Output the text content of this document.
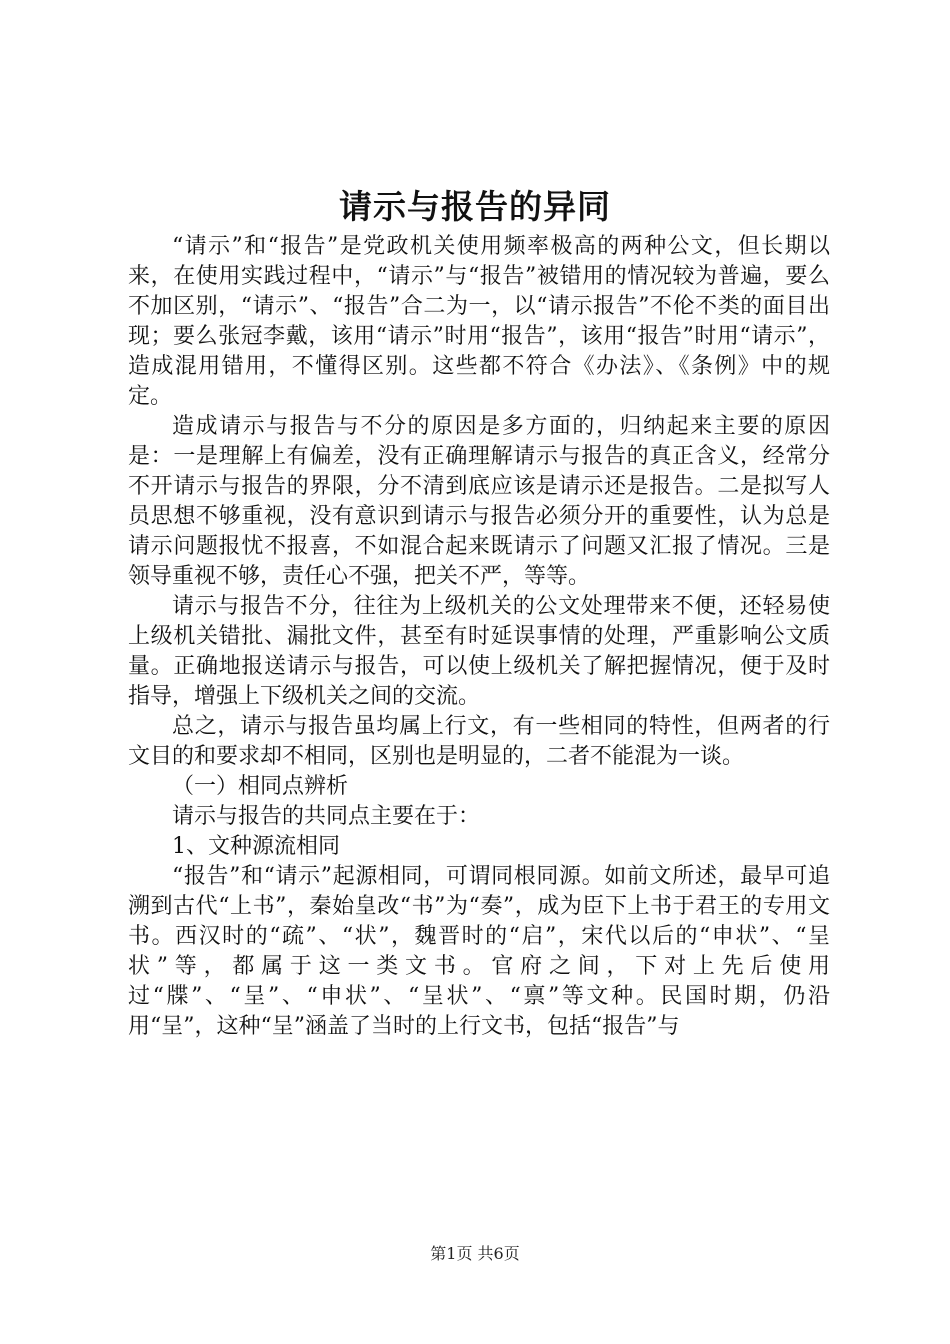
请示与报告的异同

“请示”和“报告”是党政机关使用频率极高的两种公文，但长期以来，在使用实践过程中，“请示”与“报告”被错用的情况较为普遍，要么不加区别，“请示”、“报告”合二为一，以“请示报告”不伦不类的面目出现；要么张冠李戴，该用“请示”时用“报告”，该用“报告”时用“请示”，造成混用错用，不懂得区别。这些都不符合《办法》、《条例》中的规定。

造成请示与报告与不分的原因是多方面的，归纳起来主要的原因是：一是理解上有偏差，没有正确理解请示与报告的真正含义，经常分不开请示与报告的界限，分不清到底应该是请示还是报告。二是拟写人员思想不够重视，没有意识到请示与报告必须分开的重要性，认为总是请示问题报忧不报喜，不如混合起来既请示了问题又汇报了情况。三是领导重视不够，责任心不强，把关不严，等等。

请示与报告不分，往往为上级机关的公文处理带来不便，还轻易使上级机关错批、漏批文件，甚至有时延误事情的处理，严重影响公文质量。正确地报送请示与报告，可以使上级机关了解把握情况，便于及时指导，增强上下级机关之间的交流。

总之，请示与报告虽均属上行文，有一些相同的特性，但两者的行文目的和要求却不相同，区别也是明显的，二者不能混为一谈。

（一）相同点辨析

请示与报告的共同点主要在于：

1、文种源流相同

“报告”和“请示”起源相同，可谓同根同源。如前文所述，最早可追溯到古代“上书”，秦始皇改“书”为“奏”，成为臣下上书于君王的专用文书。西汉时的“疏”、“状”，魏晋时的“启”，宋代以后的“申状”、“呈状”等，都属于这一类文书。官府之间，下对上先后使用过“牒”、“呈”、“申状”、“呈状”、“禀”等文种。民国时期，仍沿用“呈”，这种“呈”涵盖了当时的上行文书，包括“报告”与

第1页 共6页
